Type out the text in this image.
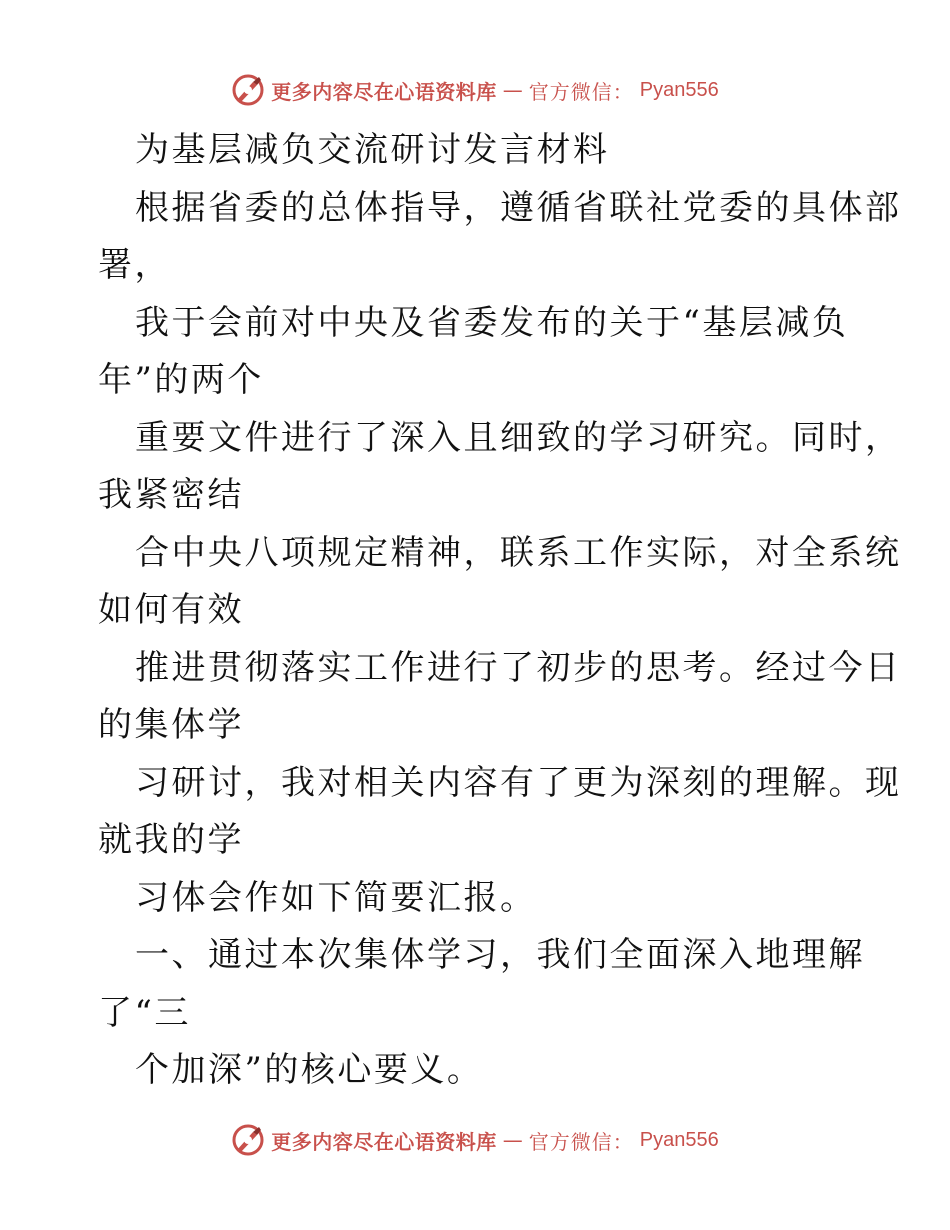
更多内容尽在心语资料库 — 官方微信： Pyan556
为基层减负交流研讨发言材料
根据省委的总体指导，遵循省联社党委的具体部
署，
我于会前对中央及省委发布的关于“基层减负
年”的两个
重要文件进行了深入且细致的学习研究。同时，
我紧密结
合中央八项规定精神，联系工作实际，对全系统
如何有效
推进贯彻落实工作进行了初步的思考。经过今日
的集体学
习研讨，我对相关内容有了更为深刻的理解。现
就我的学
习体会作如下简要汇报。
一、通过本次集体学习，我们全面深入地理解
了“三
个加深”的核心要义。
更多内容尽在心语资料库 — 官方微信： Pyan556
